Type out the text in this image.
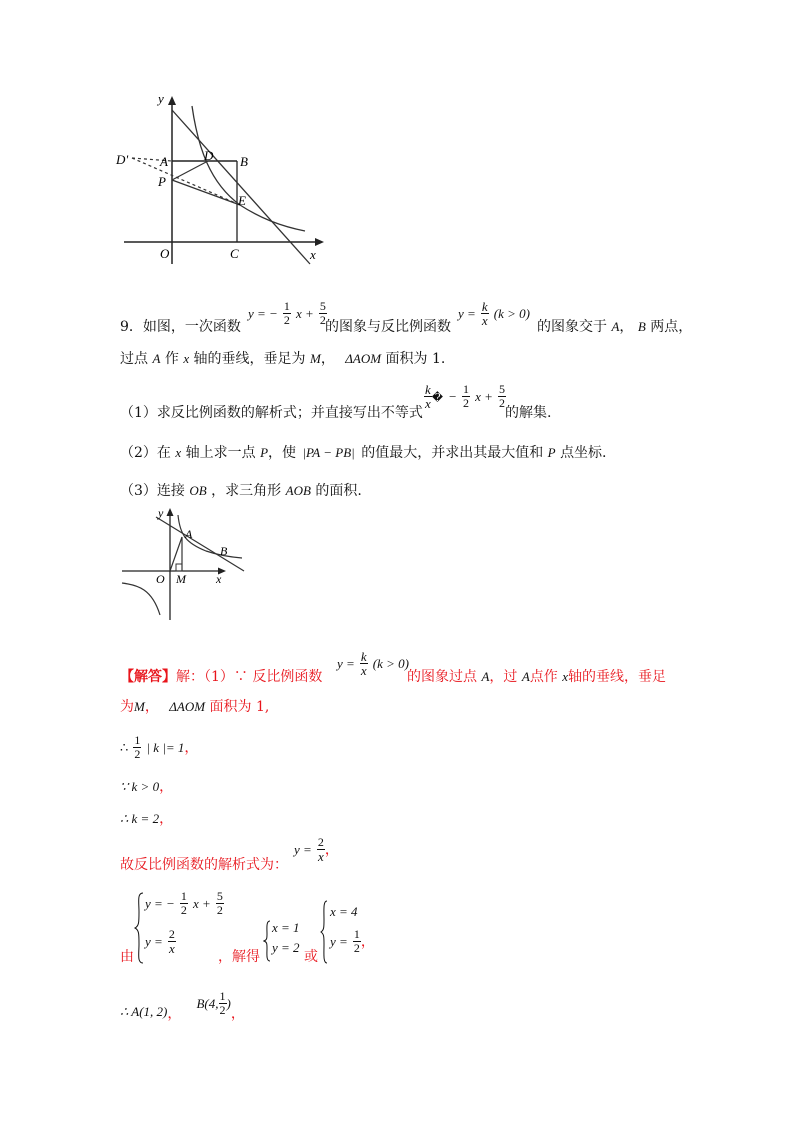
y
D' A	D B
P
E
O	C	x
9．如图，一次函数
y = − $\frac{1}{2}$ $x + \frac{5}{2}$
的图象与反比例函数
$y = \frac{k}{x} (k > 0)$
的图象交于 A， B 两点，
过点 A 作 x 轴的垂线，垂足为 M， ΔAOM 面积为 1.
（1）求反比例函数的解析式；并直接写出不等式
$\frac{k}{x}$ � − $\frac{1}{2}$ $x + \frac{5}{2}$
的解集.
（2）在 x 轴上求一点 P，使 |PA − PB| 的值最大，并求出其最大值和 P 点坐标.
（3）连接 OB ，求三角形 AOB 的面积.
y
A
B
O M	x
【解答】解：（1）∵ 反比例函数
$y = \frac{k}{x} (k > 0)$
的图象过点 A，过 A点作 x轴的垂线，垂足
为M， ΔAOM 面积为 1,
∴ $\frac{1}{2}$ | k |= 1，
∵ k > 0，
∴ k = 2，
故反比例函数的解析式为：
$y = \frac{2}{x}$ ，
由
y = − $\frac{1}{2}$ $x + \frac{5}{2}$
$y = \frac{2}{x}$
，解得
x = 1
y = 2
或
x = 4
$y = \frac{1}{2}$ ，
$_{\therefore A(1, 2)}$， B(4, $\frac{1}{2}$ )，
